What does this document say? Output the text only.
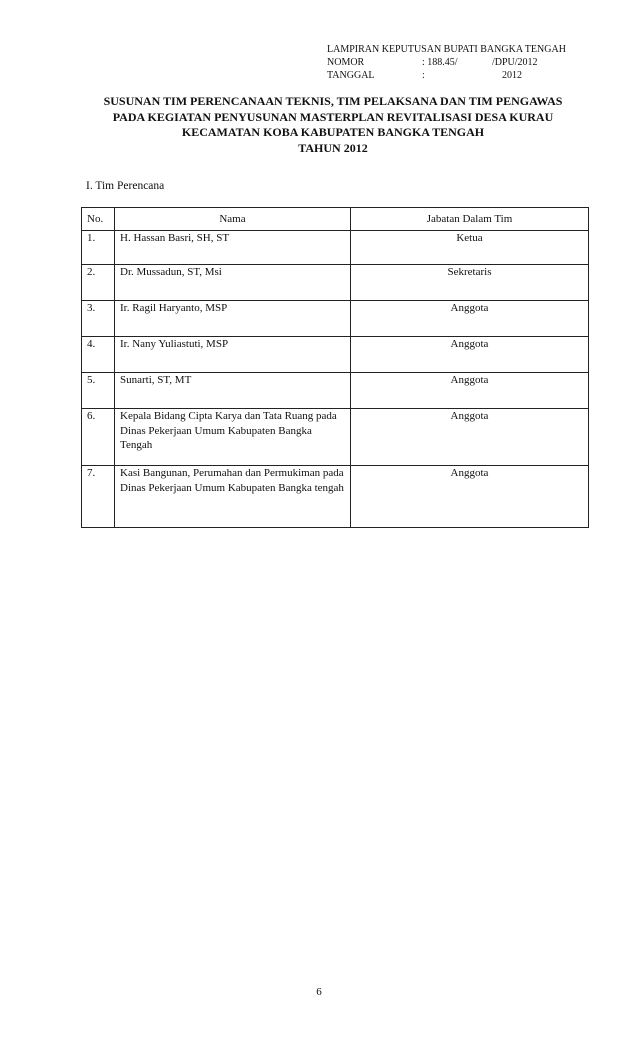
LAMPIRAN KEPUTUSAN BUPATI BANGKA TENGAH
NOMOR	: 188.45/	/DPU/2012
TANGGAL	:	2012
SUSUNAN TIM PERENCANAAN TEKNIS, TIM PELAKSANA DAN TIM PENGAWAS
PADA KEGIATAN PENYUSUNAN MASTERPLAN REVITALISASI DESA KURAU
KECAMATAN KOBA KABUPATEN BANGKA TENGAH
TAHUN 2012
I. Tim Perencana
No.	Nama	Jabatan Dalam Tim
1.	H. Hassan Basri, SH, ST	Ketua
2.	Dr. Mussadun, ST, Msi	Sekretaris
3.	Ir. Ragil Haryanto, MSP	Anggota
4.	Ir. Nany Yuliastuti, MSP	Anggota
5.	Sunarti, ST, MT	Anggota
6.	Kepala Bidang Cipta Karya dan Tata Ruang pada Dinas Pekerjaan Umum Kabupaten Bangka Tengah	Anggota
7.	Kasi Bangunan, Perumahan dan Permukiman pada Dinas Pekerjaan Umum Kabupaten Bangka tengah	Anggota
6
